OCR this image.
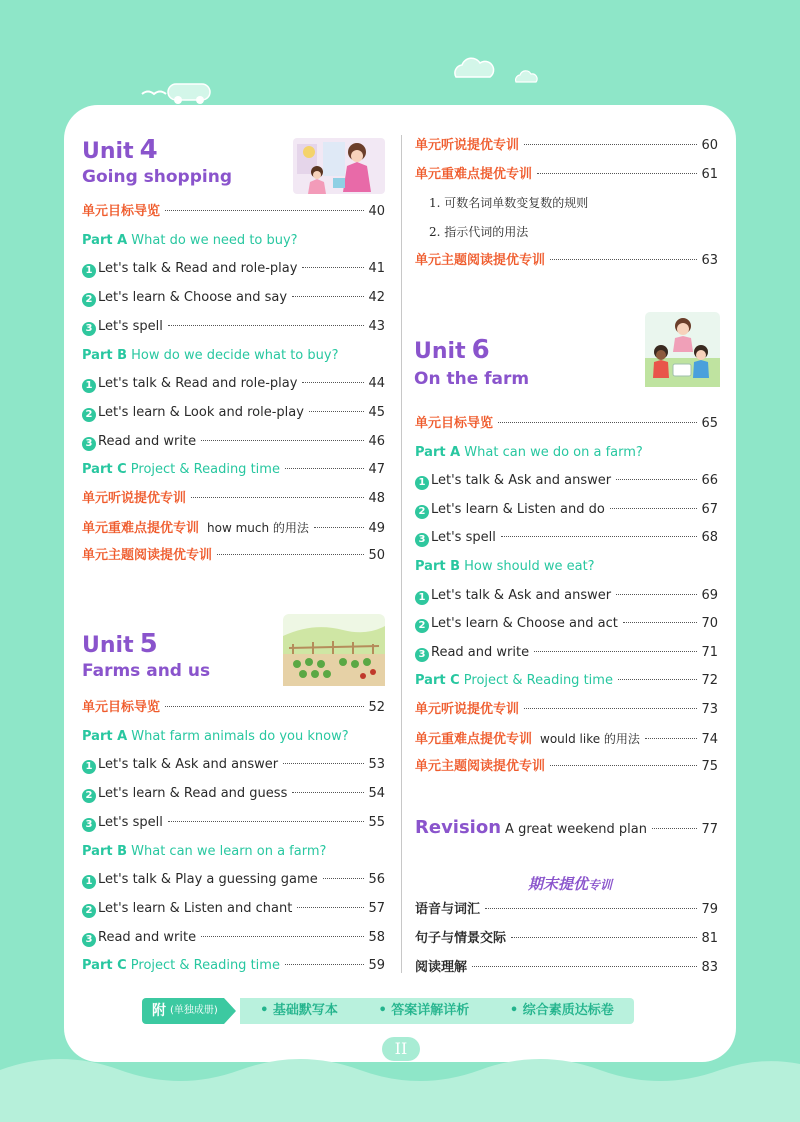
Unit 4
Going shopping
Unit 5
Farms and us
Unit 6
On the farm
Revision A great weekend plan	77
期末提优专训
单元目标导览	40
Part A What do we need to buy?
1 Let's talk & Read and role-play	41
2 Let's learn & Choose and say	42
3 Let's spell	43
Part B How do we decide what to buy?
1 Let's talk & Read and role-play	44
2 Let's learn & Look and role-play	45
3 Read and write	46
Part C Project & Reading time	47
单元听说提优专训	48
单元重难点提优专训 how much 的用法	49
单元主题阅读提优专训	50
单元目标导览	52
Part A What farm animals do you know?
1 Let's talk & Ask and answer	53
2 Let's learn & Read and guess	54
3 Let's spell	55
Part B What can we learn on a farm?
1 Let's talk & Play a guessing game	56
2 Let's learn & Listen and chant	57
3 Read and write	58
Part C Project & Reading time	59
单元听说提优专训	60
单元重难点提优专训	61
1. 可数名词单数变复数的规则
2. 指示代词的用法
单元主题阅读提优专训	63
单元目标导览	65
Part A What can we do on a farm?
1 Let's talk & Ask and answer	66
2 Let's learn & Listen and do	67
3 Let's spell	68
Part B How should we eat?
1 Let's talk & Ask and answer	69
2 Let's learn & Choose and act	70
3 Read and write	71
Part C Project & Reading time	72
单元听说提优专训	73
单元重难点提优专训 would like 的用法	74
单元主题阅读提优专训	75
语音与词汇	79
句子与情景交际	81
阅读理解	83
附 (单独成册)	• 基础默写本	• 答案详解详析	• 综合素质达标卷
II
